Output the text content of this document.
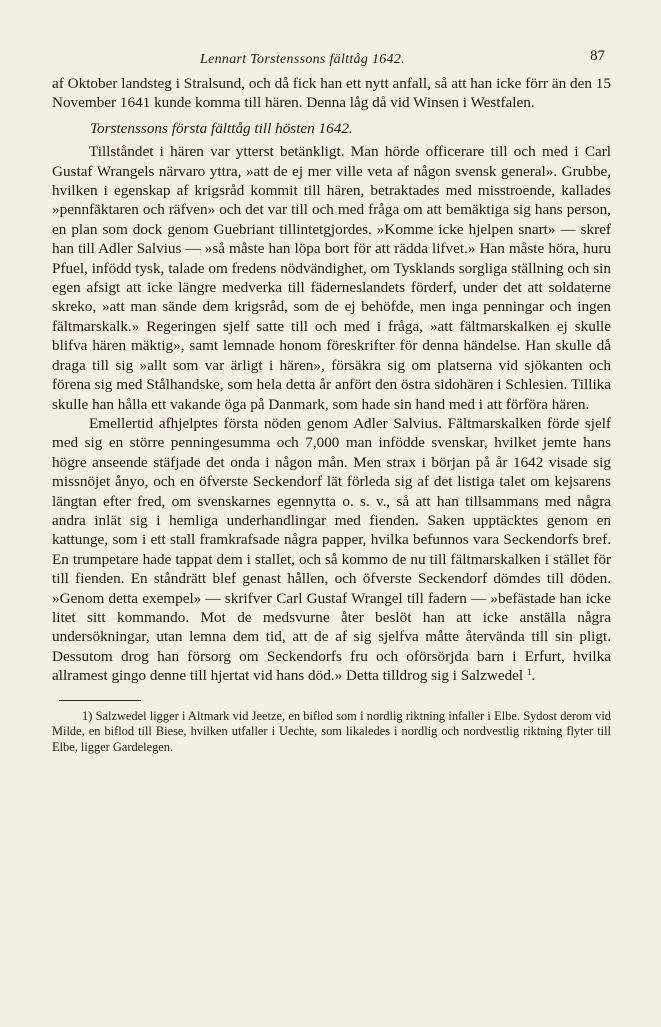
Lennart Torstenssons fälttåg 1642.	87

af Oktober landsteg i Stralsund, och då fick han ett nytt anfall, så att han icke förr än den 15 November 1641 kunde komma till hären. Denna låg då vid Winsen i Westfalen.

Torstenssons första fälttåg till hösten 1642.

Tillståndet i hären var ytterst betänkligt. Man hörde officerare till och med i Carl Gustaf Wrangels närvaro yttra, »att de ej mer ville veta af någon svensk general». Grubbe, hvilken i egenskap af krigsråd kommit till hären, betraktades med misstroende, kallades »pennfäktaren och räfven» och det var till och med fråga om att bemäktiga sig hans person, en plan som dock genom Guebriant tillintetgjordes. »Komme icke hjelpen snart» — skref han till Adler Salvius — »så måste han löpa bort för att rädda lifvet.» Han måste höra, huru Pfuel, infödd tysk, talade om fredens nödvändighet, om Tysklands sorgliga ställning och sin egen afsigt att icke längre medverka till fäderneslandets förderf, under det att soldaterne skreko, »att man sände dem krigsråd, som de ej behöfde, men inga penningar och ingen fältmarskalk.» Regeringen sjelf satte till och med i fråga, »att fältmarskalken ej skulle blifva hären mäktig», samt lemnade honom föreskrifter för denna händelse. Han skulle då draga till sig »allt som var ärligt i hären», försäkra sig om platserna vid sjökanten och förena sig med Stålhandske, som hela detta år anfört den östra sidohären i Schlesien. Tillika skulle han hålla ett vakande öga på Danmark, som hade sin hand med i att förföra hären.

Emellertid afhjelptes första nöden genom Adler Salvius. Fältmarskalken förde sjelf med sig en större penningesumma och 7,000 man infödde svenskar, hvilket jemte hans högre anseende stäfjade det onda i någon mån. Men strax i början på år 1642 visade sig missnöjet ånyo, och en öfverste Seckendorf lät förleda sig af det listiga talet om kejsarens längtan efter fred, om svenskarnes egennytta o. s. v., så att han tillsammans med några andra inlät sig i hemliga underhandlingar med fienden. Saken upptäcktes genom en kattunge, som i ett stall framkrafsade några papper, hvilka befunnos vara Seckendorfs bref. En trumpetare hade tappat dem i stallet, och så kommo de nu till fältmarskalken i stället för till fienden. En ståndrätt blef genast hållen, och öfverste Seckendorf dömdes till döden. »Genom detta exempel» — skrifver Carl Gustaf Wrangel till fadern — »befästade han icke litet sitt kommando. Mot de medsvurne åter beslöt han att icke anställa några undersökningar, utan lemna dem tid, att de af sig sjelfva måtte återvända till sin pligt. Dessutom drog han försorg om Seckendorfs fru och oförsörjda barn i Erfurt, hvilka allramest gingo denne till hjertat vid hans död.» Detta tilldrog sig i Salzwedel $^1$.

1) Salzwedel ligger i Altmark vid Jeetze, en biflod som i nordlig riktning infaller i Elbe. Sydost derom vid Milde, en biflod till Biese, hvilken utfaller i Uechte, som likaledes i nordlig och nordvestlig riktning flyter till Elbe, ligger Gardelegen.
